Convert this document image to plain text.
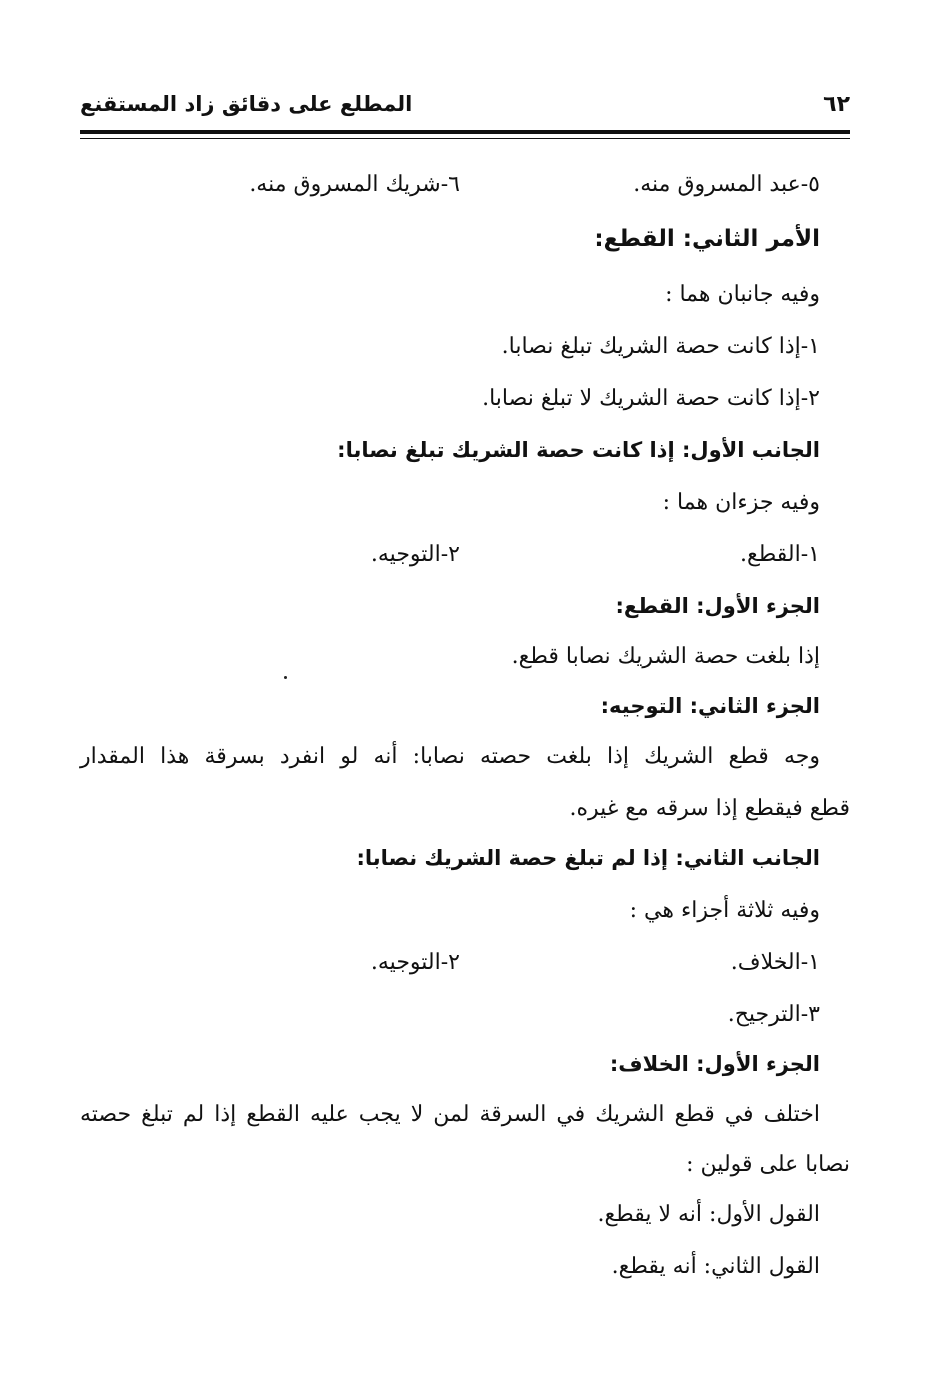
٦٢
المطلع على دقائق زاد المستقنع
٥-عبد المسروق منه.
٦-شريك المسروق منه.
الأمر الثاني: القطع:
وفيه جانبان هما :
١-إذا كانت حصة الشريك تبلغ نصابا.
٢-إذا كانت حصة الشريك لا تبلغ نصابا.
الجانب الأول: إذا كانت حصة الشريك تبلغ نصابا:
وفيه جزءان هما :
١-القطع.
٢-التوجيه.
الجزء الأول: القطع:
إذا بلغت حصة الشريك نصابا قطع.
الجزء الثاني: التوجيه:
وجه قطع الشريك إذا بلغت حصته نصابا: أنه لو انفرد بسرقة هذا المقدار
قطع فيقطع إذا سرقه مع غيره.
الجانب الثاني: إذا لم تبلغ حصة الشريك نصابا:
وفيه ثلاثة أجزاء هي :
١-الخلاف.
٢-التوجيه.
٣-الترجيح.
الجزء الأول: الخلاف:
اختلف في قطع الشريك في السرقة لمن لا يجب عليه القطع إذا لم تبلغ حصته
نصابا على قولين :
القول الأول: أنه لا يقطع.
القول الثاني: أنه يقطع.
